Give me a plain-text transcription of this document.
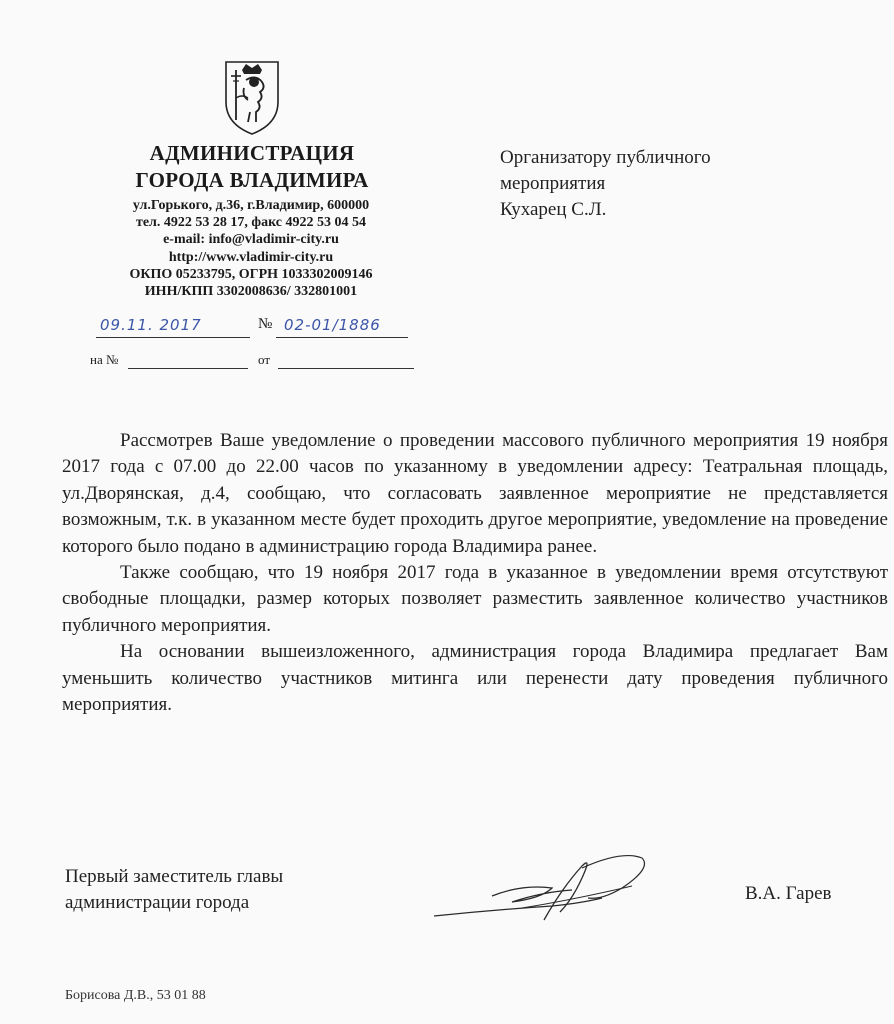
АДМИНИСТРАЦИЯ
ГОРОДА ВЛАДИМИРА
ул.Горького, д.36, г.Владимир, 600000
тел. 4922 53 28 17, факс 4922 53 04 54
e-mail: info@vladimir-city.ru
http://www.vladimir-city.ru
ОКПО 05233795, ОГРН 1033302009146
ИНН/КПП 3302008636/ 332801001
09.11. 2017	№ 02-01/1886
на №	от
Организатору публичного
мероприятия
Кухарец С.Л.

Рассмотрев Ваше уведомление о проведении массового публичного мероприятия 19 ноября 2017 года с 07.00 до 22.00 часов по указанному в уведомлении адресу: Театральная площадь, ул.Дворянская, д.4, сообщаю, что согласовать заявленное мероприятие не представляется возможным, т.к. в указанном месте будет проходить другое мероприятие, уведомление на проведение которого было подано в администрацию города Владимира ранее.

Также сообщаю, что 19 ноября 2017 года в указанное в уведомлении время отсутствуют свободные площадки, размер которых позволяет разместить заявленное количество участников публичного мероприятия.

На основании вышеизложенного, администрация города Владимира предлагает Вам уменьшить количество участников митинга или перенести дату проведения публичного мероприятия.

Первый заместитель главы
администрации города	В.А. Гарев
Борисова Д.В., 53 01 88
